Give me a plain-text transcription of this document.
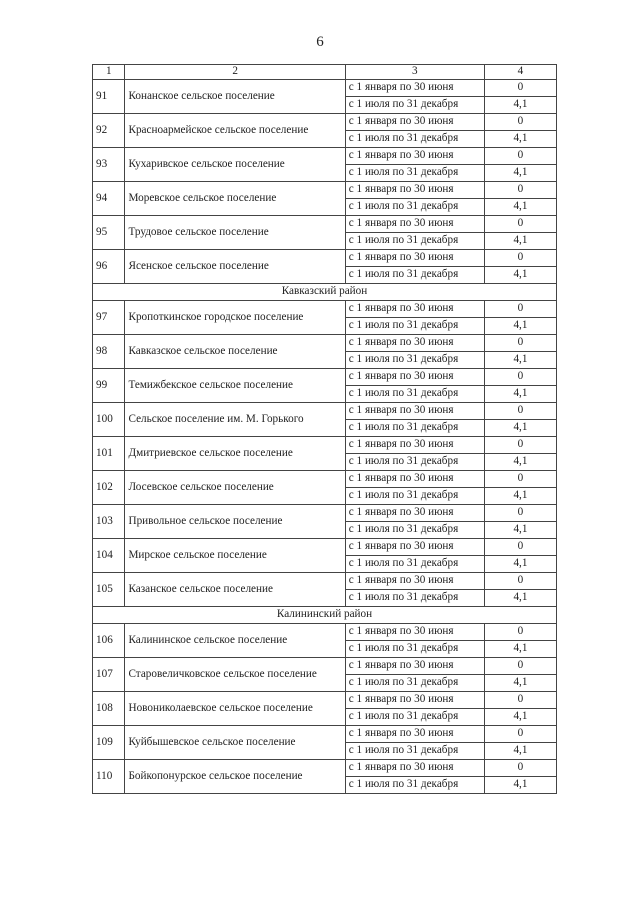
6
1	2	3	4
91	Конанское сельское поселение	с 1 января по 30 июня	0
		с 1 июля по 31 декабря	4,1
92	Красноармейское сельское поселение	с 1 января по 30 июня	0
		с 1 июля по 31 декабря	4,1
93	Кухаривское сельское поселение	с 1 января по 30 июня	0
		с 1 июля по 31 декабря	4,1
94	Моревское сельское поселение	с 1 января по 30 июня	0
		с 1 июля по 31 декабря	4,1
95	Трудовое сельское поселение	с 1 января по 30 июня	0
		с 1 июля по 31 декабря	4,1
96	Ясенское сельское поселение	с 1 января по 30 июня	0
		с 1 июля по 31 декабря	4,1
Кавказский район			
97	Кропоткинское городское поселение	с 1 января по 30 июня	0
		с 1 июля по 31 декабря	4,1
98	Кавказское сельское поселение	с 1 января по 30 июня	0
		с 1 июля по 31 декабря	4,1
99	Темижбекское сельское поселение	с 1 января по 30 июня	0
		с 1 июля по 31 декабря	4,1
100	Сельское поселение им. М. Горького	с 1 января по 30 июня	0
		с 1 июля по 31 декабря	4,1
101	Дмитриевское сельское поселение	с 1 января по 30 июня	0
		с 1 июля по 31 декабря	4,1
102	Лосевское сельское поселение	с 1 января по 30 июня	0
		с 1 июля по 31 декабря	4,1
103	Привольное сельское поселение	с 1 января по 30 июня	0
		с 1 июля по 31 декабря	4,1
104	Мирское сельское поселение	с 1 января по 30 июня	0
		с 1 июля по 31 декабря	4,1
105	Казанское сельское поселение	с 1 января по 30 июня	0
		с 1 июля по 31 декабря	4,1
Калининский район			
106	Калининское сельское поселение	с 1 января по 30 июня	0
		с 1 июля по 31 декабря	4,1
107	Старовеличковское сельское поселение	с 1 января по 30 июня	0
		с 1 июля по 31 декабря	4,1
108	Новониколаевское сельское поселение	с 1 января по 30 июня	0
		с 1 июля по 31 декабря	4,1
109	Куйбышевское сельское поселение	с 1 января по 30 июня	0
		с 1 июля по 31 декабря	4,1
110	Бойкопонурское сельское поселение	с 1 января по 30 июня	0
		с 1 июля по 31 декабря	4,1
